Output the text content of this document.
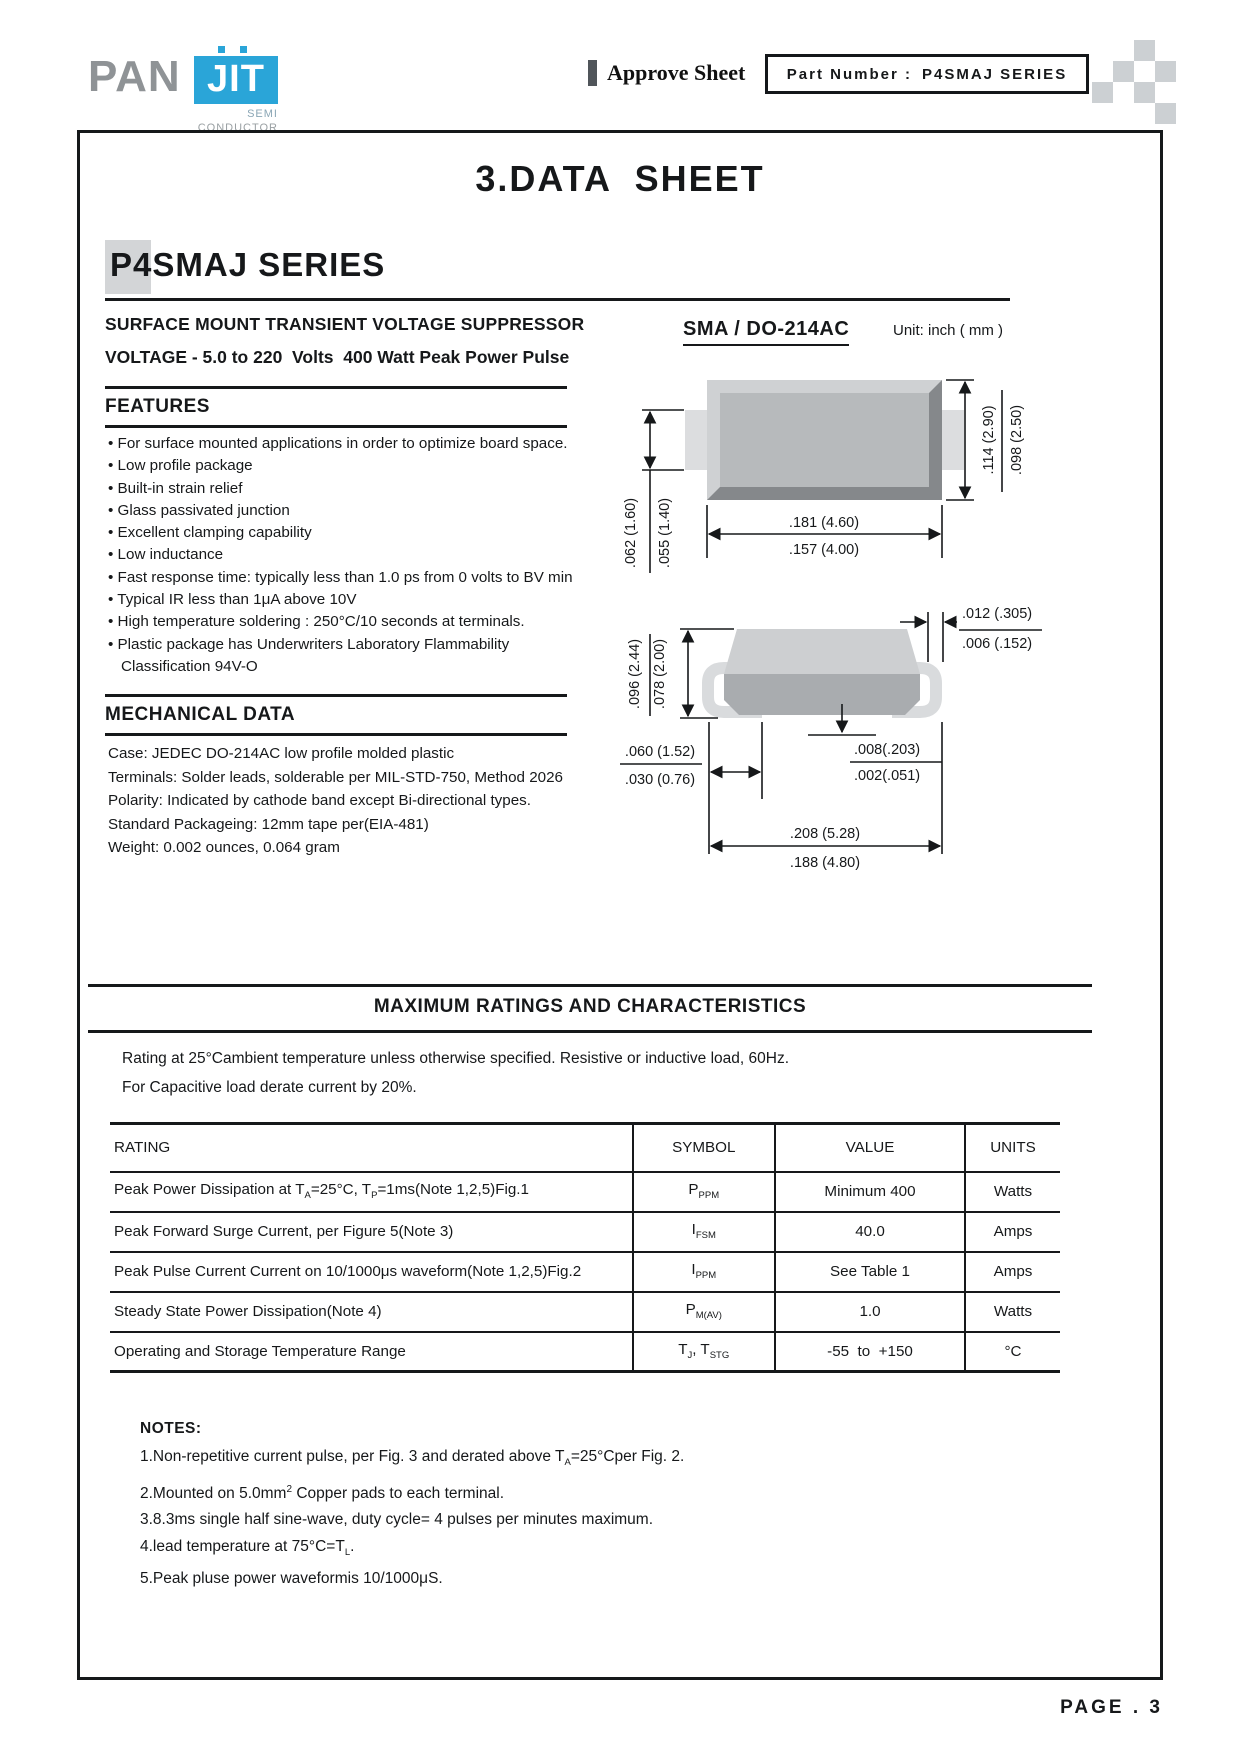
PAN JIT
SEMI
CONDUCTOR
Approve Sheet	Part Number : P4SMAJ SERIES
3.DATA  SHEET
P4SMAJ SERIES
SURFACE MOUNT TRANSIENT VOLTAGE SUPPRESSOR
VOLTAGE - 5.0 to 220  Volts  400 Watt Peak Power Pulse
SMA / DO-214AC	Unit: inch ( mm )
FEATURES
• For surface mounted applications in order to optimize board space.
• Low profile package
• Built-in strain relief
• Glass passivated junction
• Excellent clamping capability
• Low inductance
• Fast response time: typically less than 1.0 ps from 0 volts to BV min
• Typical IR less than 1μA above 10V
• High temperature soldering : 250°C/10 seconds at terminals.
• Plastic package has Underwriters Laboratory Flammability Classification 94V-O
MECHANICAL DATA
Case: JEDEC DO-214AC low profile molded plastic
Terminals: Solder leads, solderable per MIL-STD-750, Method 2026
Polarity: Indicated by cathode band except Bi-directional types.
Standard Packageing: 12mm tape per(EIA-481)
Weight: 0.002 ounces, 0.064 gram
.114 (2.90) .098 (2.50)
.062 (1.60) .055 (1.40)	.181 (4.60)
.157 (4.00)
.096 (2.44) .078 (2.00)
.012 (.305)
.006 (.152)
.008(.203)
.002(.051)
.060 (1.52)
.030 (0.76)
.208 (5.28)
.188 (4.80)
MAXIMUM RATINGS AND CHARACTERISTICS
Rating at 25°Cambient temperature unless otherwise specified. Resistive or inductive load, 60Hz.
For Capacitive load derate current by 20%.
RATING	SYMBOL	VALUE	UNITS
Peak Power Dissipation at $T_A=25^\circ C$, $T_P=1ms(Note$ 1,2,5)Fig.1	$P_{PPM}$	Minimum 400	Watts
Peak Forward Surge Current, per Figure 5(Note 3)	$I_{FSM}$	40.0	Amps
Peak Pulse Current Current on 10/1000μs waveform(Note 1,2,5)Fig.2	$I_{PPM}$	See Table 1	Amps
Steady State Power Dissipation(Note 4)	$P_{M(AV)}$	1.0	Watts
Operating and Storage Temperature Range	$T_J$, $T_{STG}$	-55  to  +150	°C
NOTES:
1.Non-repetitive current pulse, per Fig. 3 and derated above $T_A=25^\circ Cper$ Fig. 2.
2.Mounted on $5.0mm^2$ Copper pads to each terminal.
3.8.3ms single half sine-wave, duty cycle= 4 pulses per minutes maximum.
4.lead temperature at $75^\circ C=T_L$.
5.Peak pluse power waveformis 10/1000μS.
PAGE . 3
